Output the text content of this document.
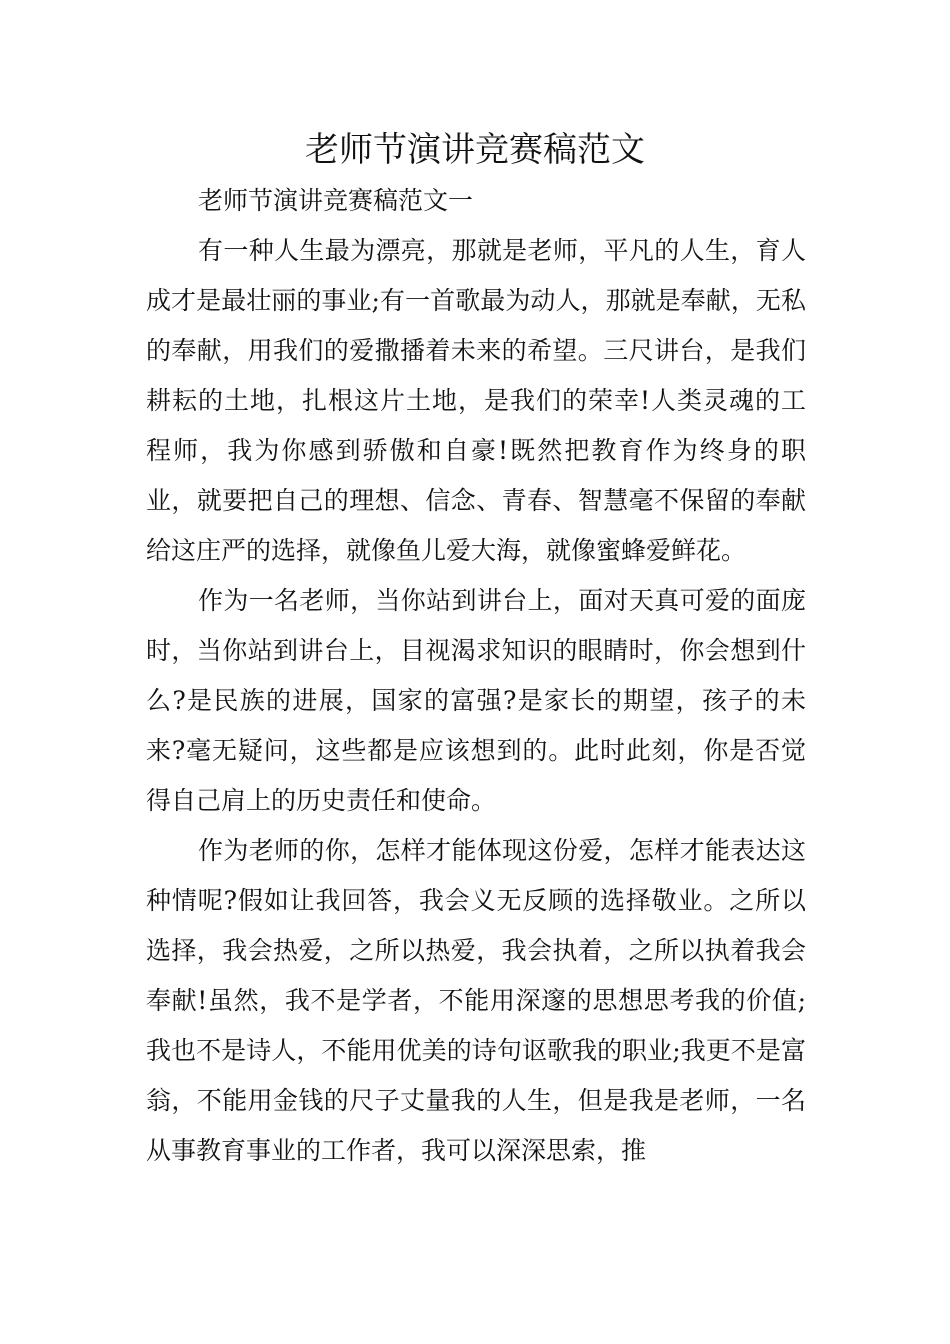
老师节演讲竞赛稿范文

老师节演讲竞赛稿范文一

有一种人生最为漂亮，那就是老师，平凡的人生，育人成才是最壮丽的事业;有一首歌最为动人，那就是奉献，无私的奉献，用我们的爱撒播着未来的希望。三尺讲台，是我们耕耘的土地，扎根这片土地，是我们的荣幸!人类灵魂的工程师，我为你感到骄傲和自豪!既然把教育作为终身的职业，就要把自己的理想、信念、青春、智慧毫不保留的奉献给这庄严的选择，就像鱼儿爱大海，就像蜜蜂爱鲜花。

作为一名老师，当你站到讲台上，面对天真可爱的面庞时，当你站到讲台上，目视渴求知识的眼睛时，你会想到什么?是民族的进展，国家的富强?是家长的期望，孩子的未来?毫无疑问，这些都是应该想到的。此时此刻，你是否觉得自己肩上的历史责任和使命。

作为老师的你，怎样才能体现这份爱，怎样才能表达这种情呢?假如让我回答，我会义无反顾的选择敬业。之所以选择，我会热爱，之所以热爱，我会执着，之所以执着我会奉献!虽然，我不是学者，不能用深邃的思想思考我的价值;我也不是诗人，不能用优美的诗句讴歌我的职业;我更不是富翁，不能用金钱的尺子丈量我的人生，但是我是老师，一名从事教育事业的工作者，我可以深深思索，推
